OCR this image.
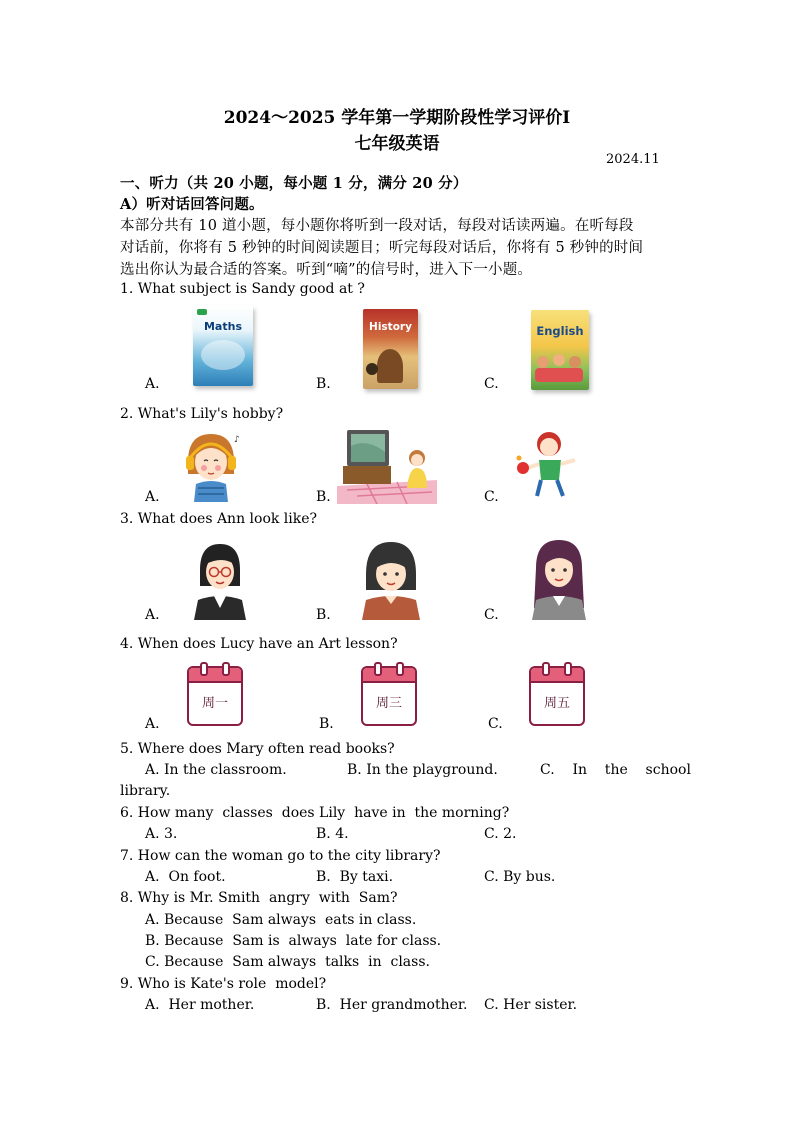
2024～2025 学年第一学期阶段性学习评价Ⅰ
七年级英语
2024.11
一、听力（共 20 小题，每小题 1 分，满分 20 分）
A）听对话回答问题。
本部分共有 10 道小题，每小题你将听到一段对话，每段对话读两遍。在听每段
对话前，你将有 5 秒钟的时间阅读题目；听完每段对话后，你将有 5 秒钟的时间
选出你认为最合适的答案。听到“嘀”的信号时，进入下一小题。
1. What subject is Sandy good at ?
Maths
A.
History
B.
English
C.
2. What's Lily's hobby?
♪
A.	B.	C.
3. What does Ann look like?
A.	B.	C.
4. When does Lucy have an Art lesson?
周一
A.
周三
B.
周五
C.
5. Where does Mary often read books?
A. In the classroom.	B. In the playground.	C.    In    the    school
library.
6. How many  classes  does Lily  have in  the morning?
A. 3.	B. 4.	C. 2.
7. How can the woman go to the city library?
A.  On foot.	B.  By taxi.	C. By bus.
8. Why is Mr. Smith  angry  with  Sam?
A. Because  Sam always  eats in class.
B. Because  Sam is  always  late for class.
C. Because  Sam always  talks  in  class.
9. Who is Kate's role  model?
A.  Her mother.	B.  Her grandmother. C. Her sister.
